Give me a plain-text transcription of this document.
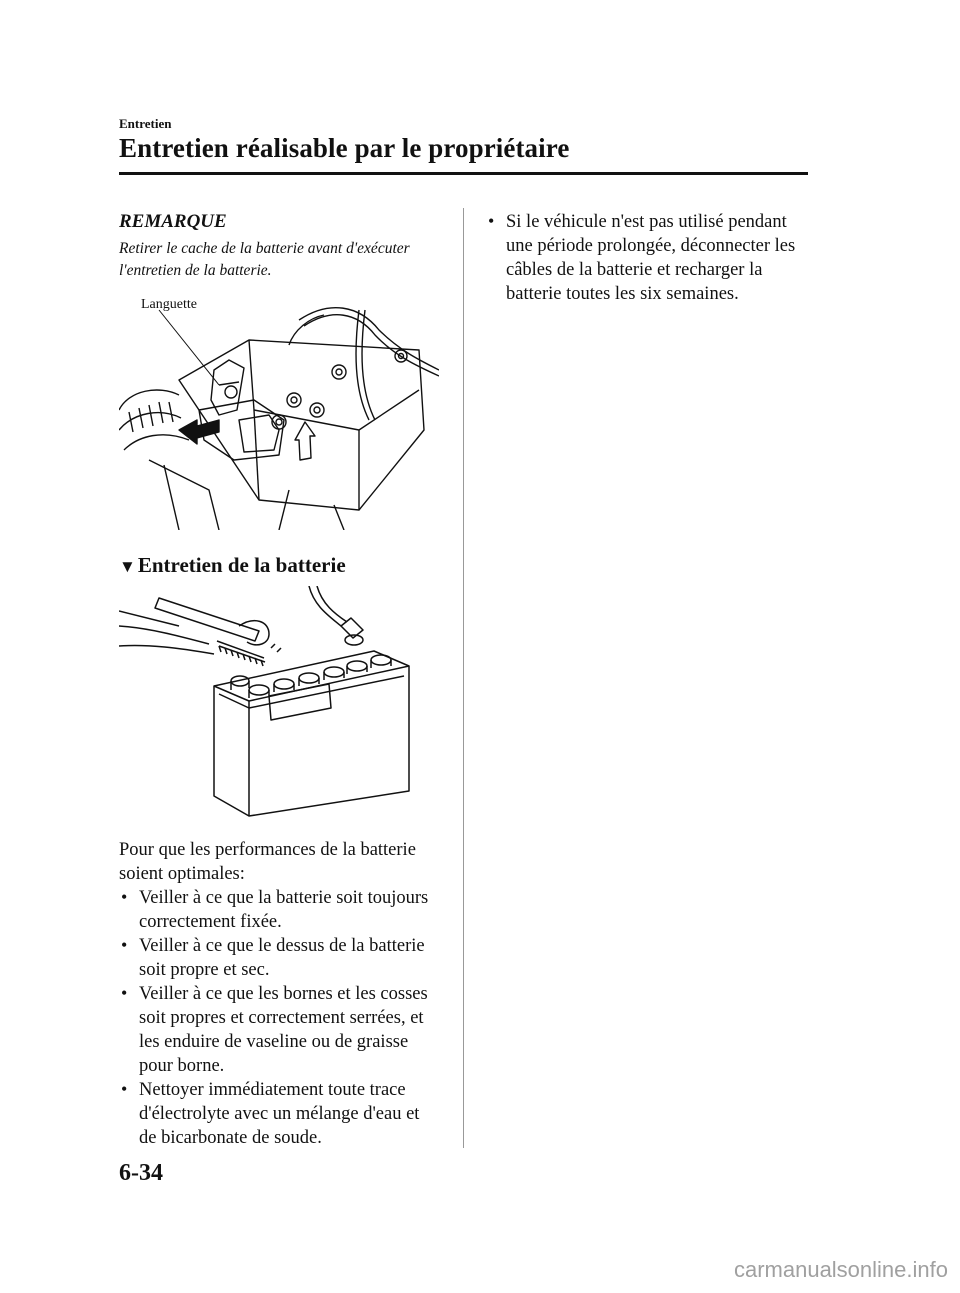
Entretien
Entretien réalisable par le propriétaire

REMARQUE

Retirer le cache de la batterie avant d'exécuter
l'entretien de la batterie.

Languette

▼Entretien de la batterie

Pour que les performances de la batterie
soient optimales:

• Veiller à ce que la batterie soit toujours
correctement fixée.
• Veiller à ce que le dessus de la batterie
soit propre et sec.
• Veiller à ce que les bornes et les cosses
soit propres et correctement serrées, et
les enduire de vaseline ou de graisse
pour borne.
• Nettoyer immédiatement toute trace
d'électrolyte avec un mélange d'eau et
de bicarbonate de soude.
• Si le véhicule n'est pas utilisé pendant
une période prolongée, déconnecter les
câbles de la batterie et recharger la
batterie toutes les six semaines.
6-34
carmanualsonline.info
